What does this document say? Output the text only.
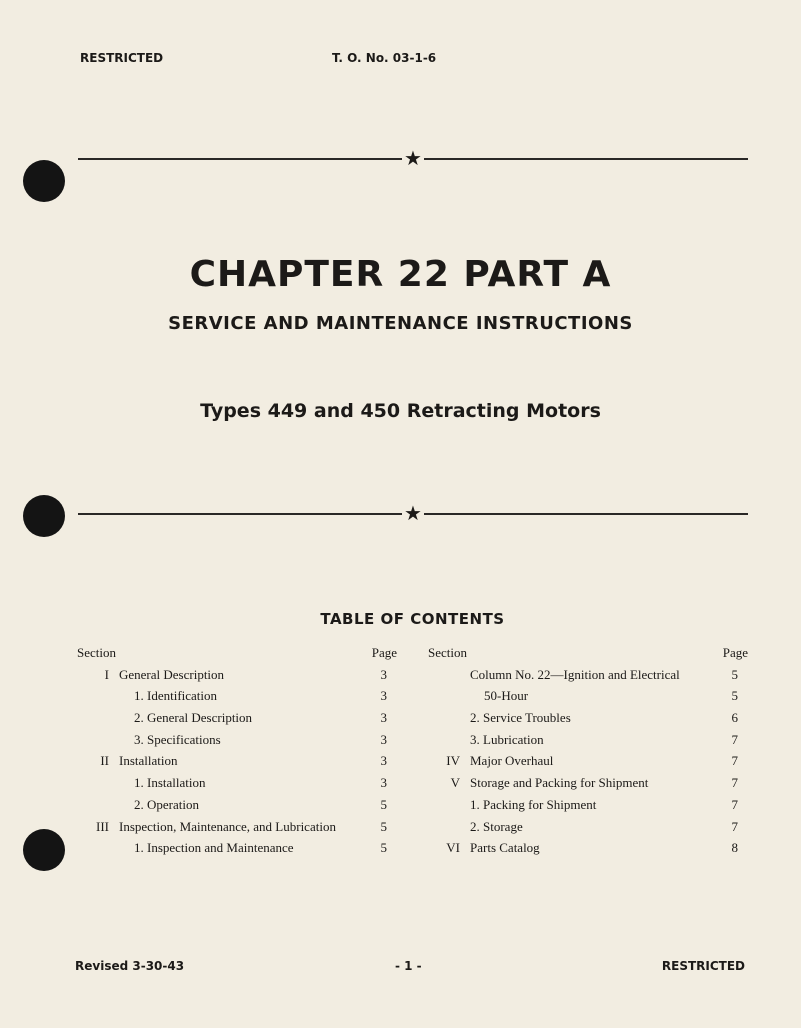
RESTRICTED	T. O. No. 03-1-6
★
CHAPTER 22 PART A
SERVICE AND MAINTENANCE INSTRUCTIONS
Types 449 and 450 Retracting Motors
★
TABLE OF CONTENTS
Section	Page
I General Description	3
1. Identification	3
2. General Description	3
3. Specifications	3
II Installation	3
1. Installation	3
2. Operation	5
III Inspection, Maintenance, and Lubrication	5
1. Inspection and Maintenance	5
Section	Page
Column No. 22—Ignition and Electrical	5
50-Hour	5
2. Service Troubles	6
3. Lubrication	7
IV Major Overhaul	7
V Storage and Packing for Shipment	7
1. Packing for Shipment	7
2. Storage	7
VI Parts Catalog	8
Revised 3-30-43	- 1 -	RESTRICTED
